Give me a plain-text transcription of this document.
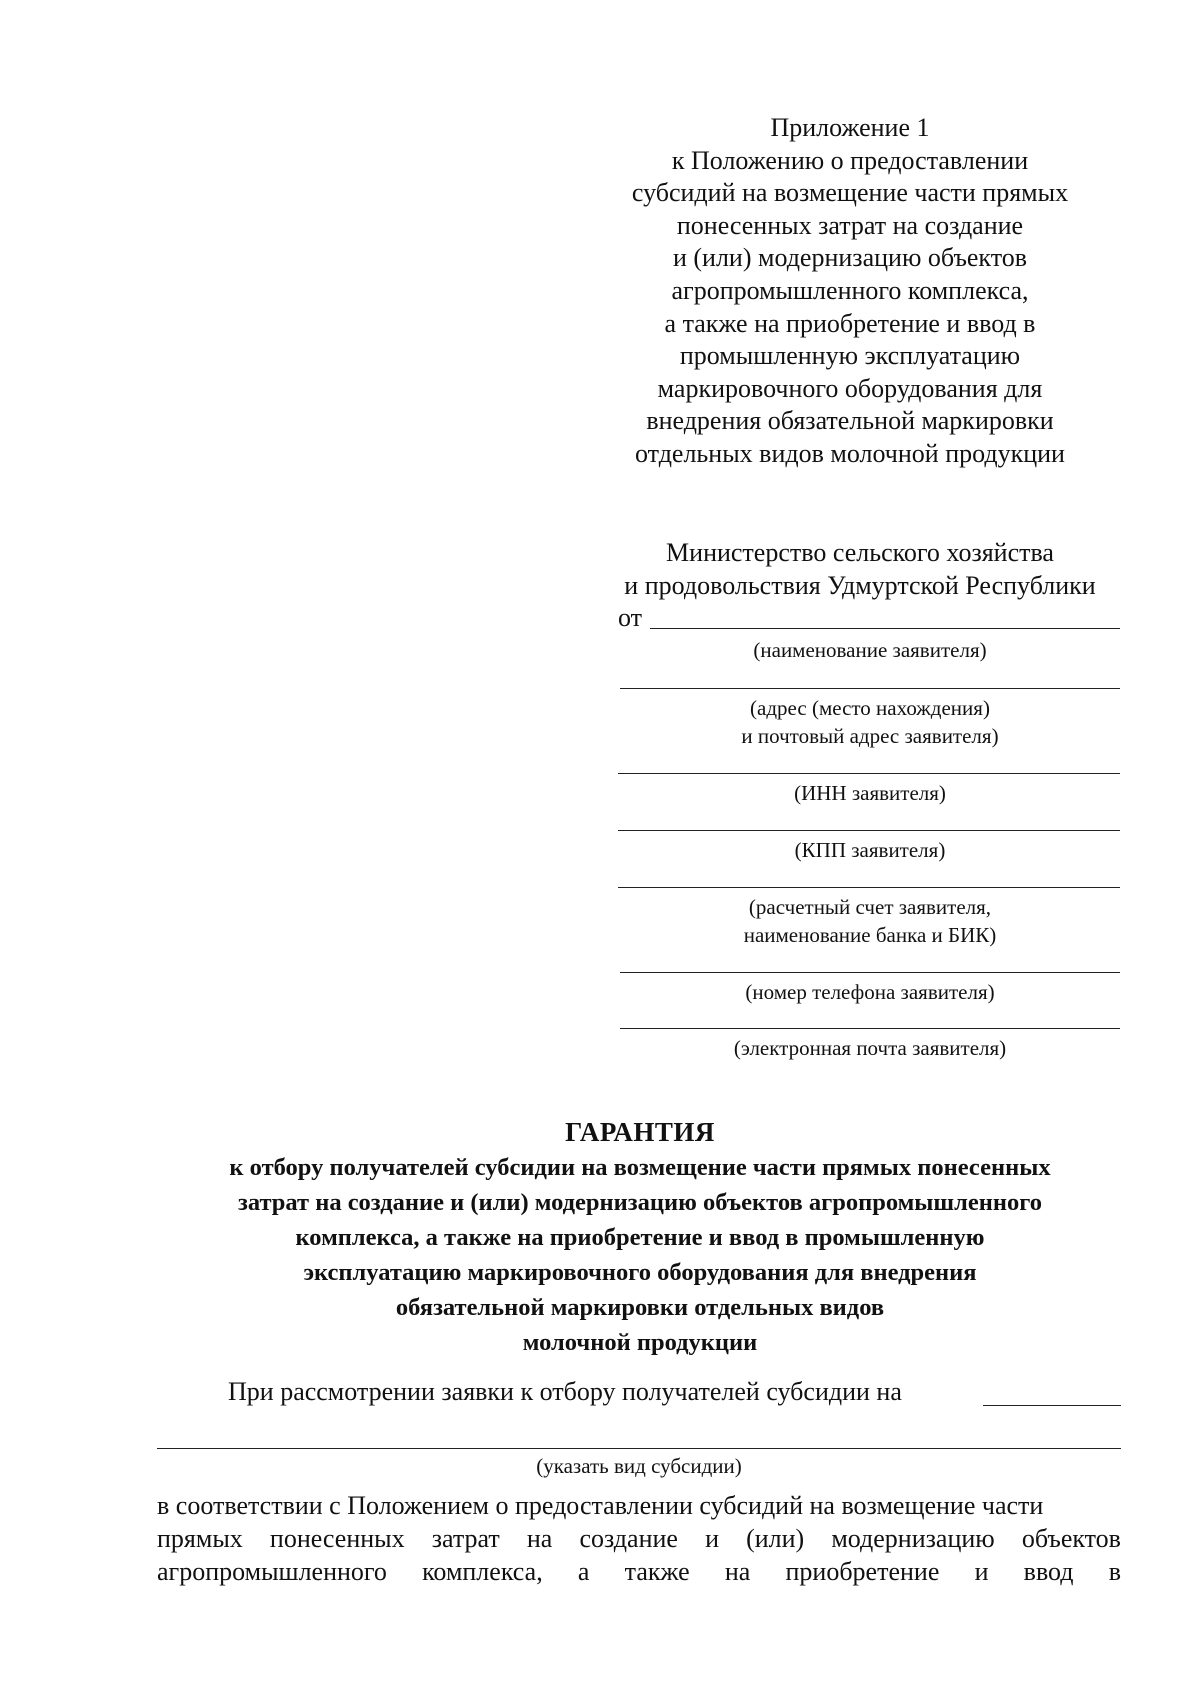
Приложение 1
к Положению о предоставлении
субсидий на возмещение части прямых
понесенных затрат на создание
и (или) модернизацию объектов
агропромышленного комплекса,
а также на приобретение и ввод в
промышленную эксплуатацию
маркировочного оборудования для
внедрения обязательной маркировки
отдельных видов молочной продукции
Министерство сельского хозяйства
и продовольствия Удмуртской Республики
от
(наименование заявителя)
(адрес (место нахождения)
и почтовый адрес заявителя)
(ИНН заявителя)
(КПП заявителя)
(расчетный счет заявителя,
наименование банка и БИК)
(номер телефона заявителя)
(электронная почта заявителя)
ГАРАНТИЯ
к отбору получателей субсидии на возмещение части прямых понесенных
затрат на создание и (или) модернизацию объектов агропромышленного
комплекса, а также на приобретение и ввод в промышленную
эксплуатацию маркировочного оборудования для внедрения
обязательной маркировки отдельных видов
молочной продукции
При рассмотрении заявки к отбору получателей субсидии на
(указать вид субсидии)
в соответствии с Положением о предоставлении субсидий на возмещение части
прямых понесенных затрат на создание и (или) модернизацию объектов
агропромышленного комплекса, а также на приобретение и ввод в
